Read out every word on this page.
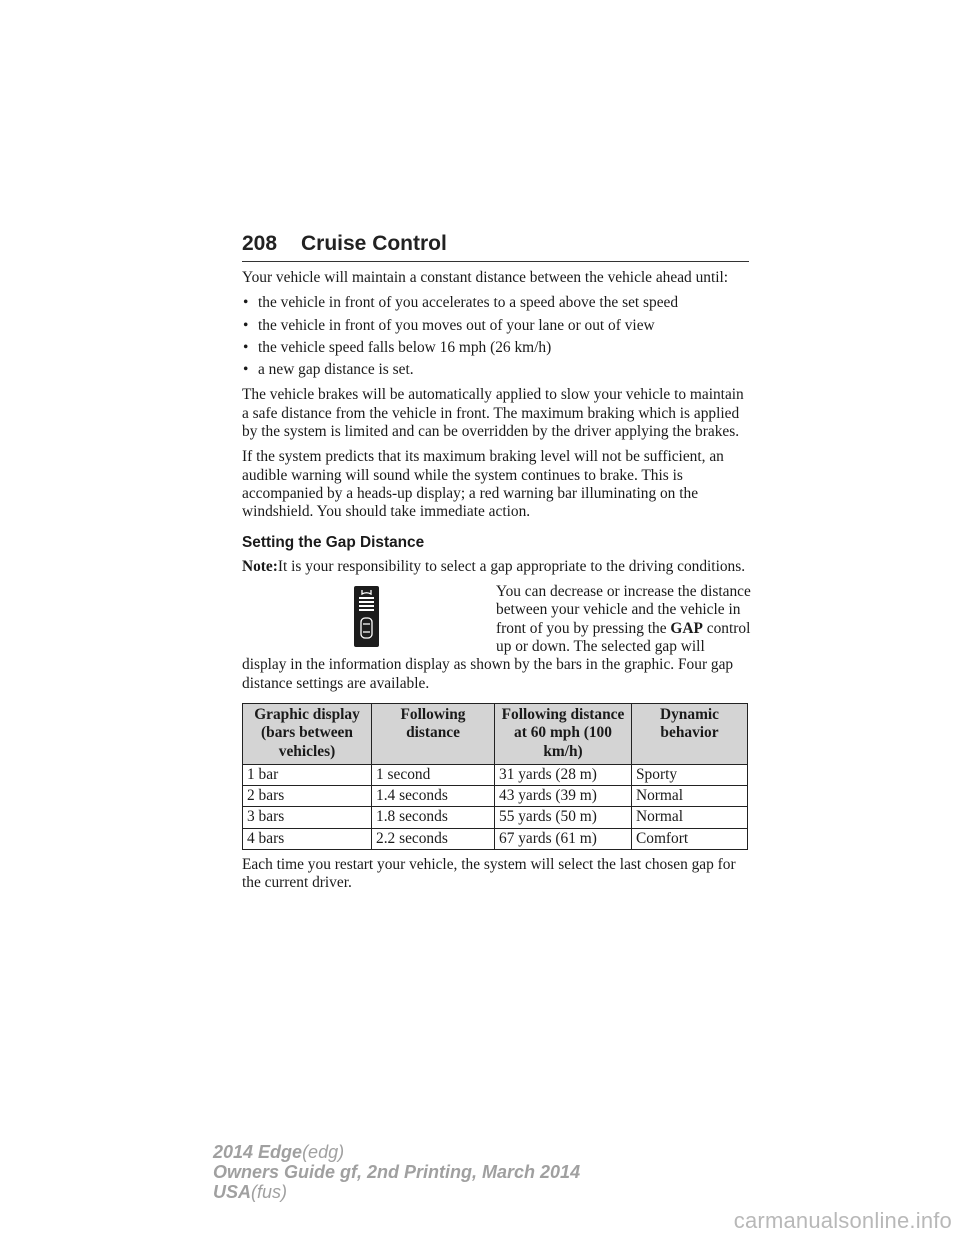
208 Cruise Control

Your vehicle will maintain a constant distance between the vehicle ahead until:

• the vehicle in front of you accelerates to a speed above the set speed
• the vehicle in front of you moves out of your lane or out of view
• the vehicle speed falls below 16 mph (26 km/h)
• a new gap distance is set.

The vehicle brakes will be automatically applied to slow your vehicle to maintain a safe distance from the vehicle in front. The maximum braking which is applied by the system is limited and can be overridden by the driver applying the brakes.

If the system predicts that its maximum braking level will not be sufficient, an audible warning will sound while the system continues to brake. This is accompanied by a heads-up display; a red warning bar illuminating on the windshield. You should take immediate action.

Setting the Gap Distance

Note:It is your responsibility to select a gap appropriate to the driving conditions.

You can decrease or increase the distance between your vehicle and the vehicle in front of you by pressing the GAP control up or down. The selected gap will display in the information display as shown by the bars in the graphic. Four gap distance settings are available.

Graphic display (bars between vehicles)	Following distance	Following distance at 60 mph (100 km/h)	Dynamic behavior
1 bar	1 second	31 yards (28 m)	Sporty
2 bars	1.4 seconds	43 yards (39 m)	Normal
3 bars	1.8 seconds	55 yards (50 m)	Normal
4 bars	2.2 seconds	67 yards (61 m)	Comfort

Each time you restart your vehicle, the system will select the last chosen gap for the current driver.

2014 Edge(edg)
Owners Guide gf, 2nd Printing, March 2014
USA(fus)
carmanualsonline.info
